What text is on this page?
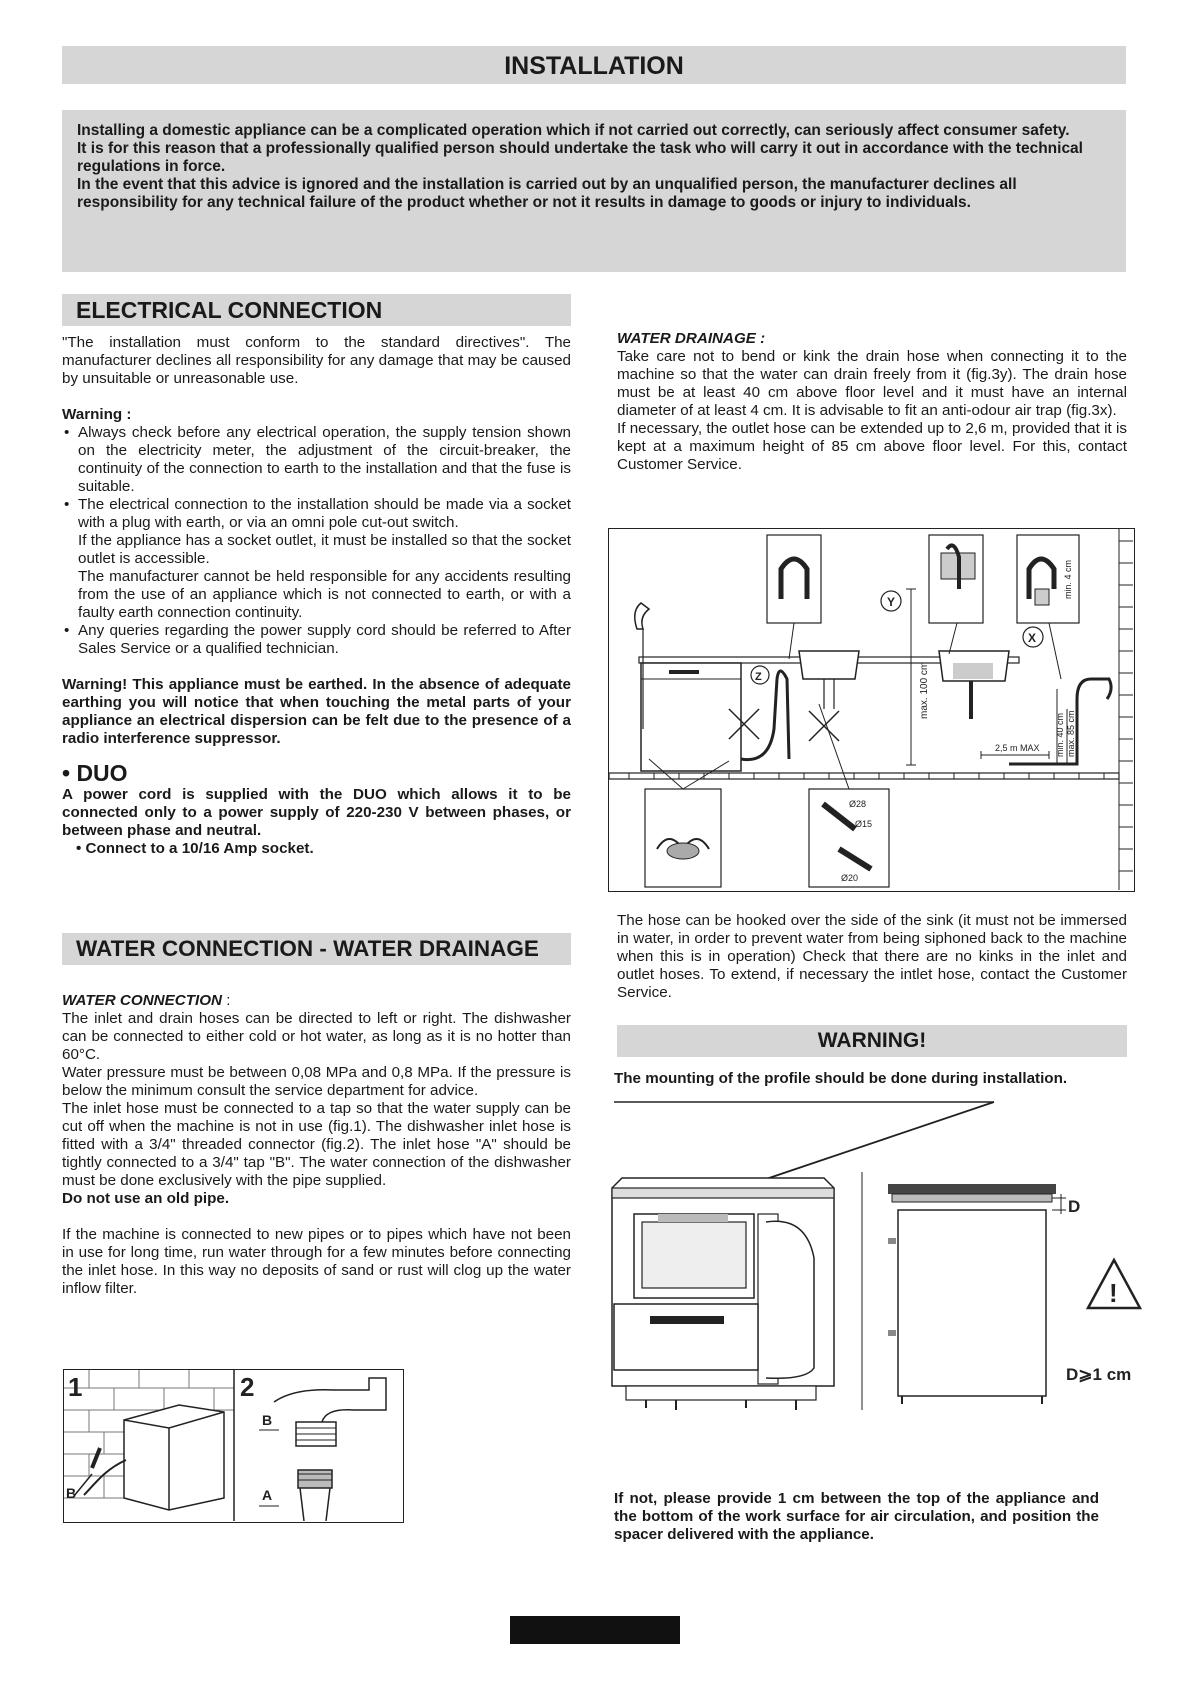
INSTALLATION

Installing a domestic appliance can be a complicated operation which if not carried out correctly, can seriously affect consumer safety.

It is for this reason that a professionally qualified person should undertake the task who will carry it out in accordance with the technical regulations in force.

In the event that this advice is ignored and the installation is carried out by an unqualified person, the manufacturer declines all responsibility for any technical failure of the product whether or not it results in damage to goods or injury to individuals.

ELECTRICAL CONNECTION

"The installation must conform to the standard directives". The manufacturer declines all responsibility for any damage that may be caused by unsuitable or unreasonable use.

Warning :

• Always check before any electrical operation, the supply tension shown on the electricity meter, the adjustment of the circuit-breaker, the continuity of the connection to earth to the installation and that the fuse is suitable.
• The electrical connection to the installation should be made via a socket with a plug with earth, or via an omni pole cut-out switch.
If the appliance has a socket outlet, it must be installed so that the socket outlet is accessible.
The manufacturer cannot be held responsible for any accidents resulting from the use of an appliance which is not connected to earth, or with a faulty earth connection continuity.
• Any queries regarding the power supply cord should be referred to After Sales Service or a qualified technician.

Warning! This appliance must be earthed. In the absence of adequate earthing you will notice that when touching the metal parts of your appliance an electrical dispersion can be felt due to the presence of a radio interference suppressor.

• DUO

A power cord is supplied with the DUO which allows it to be connected only to a power supply of 220-230 V between phases, or between phase and neutral.

• Connect to a 10/16 Amp socket.

WATER CONNECTION - WATER DRAINAGE

WATER CONNECTION :

The inlet and drain hoses can be directed to left or right. The dishwasher can be connected to either cold or hot water, as long as it is no hotter than 60°C.

Water pressure must be between 0,08 MPa and 0,8 MPa. If the pressure is below the minimum consult the service department for advice.

The inlet hose must be connected to a tap so that the water supply can be cut off when the machine is not in use (fig.1). The dishwasher inlet hose is fitted with a 3/4" threaded connector (fig.2). The inlet hose "A" should be tightly connected to a 3/4" tap "B". The water connection of the dishwasher must be done exclusively with the pipe supplied.

Do not use an old pipe.

If the machine is connected to new pipes or to pipes which have not been in use for long time, run water through for a few minutes before connecting the inlet hose. In this way no deposits of sand or rust will clog up the water inflow filter.

1	2
B
B
A

WATER DRAINAGE :

Take care not to bend or kink the drain hose when connecting it to the machine so that the water can drain freely from it (fig.3y). The drain hose must be at least 40 cm above floor level and it must have an internal diameter of at least 4 cm. It is advisable to fit an anti-odour air trap (fig.3x).

If necessary, the outlet hose can be extended up to 2,6 m, provided that it is kept at a maximum height of 85 cm above floor level. For this, contact Customer Service.

Z	max. 100 cm
Y
X
min. 40 cm max. 85 cm
2,5 m MAX
min. 4 cm
Ø28
Ø15
Ø20
The hose can be hooked over the side of the sink (it must not be immersed in water, in order to prevent water from being siphoned back to the machine when this is in operation) Check that there are no kinks in the inlet and outlet hoses. To extend, if necessary the intlet hose, contact the Customer Service.
WARNING!
The mounting of the profile should be done during installation.
D
!
D⩾1 cm
If not, please provide 1 cm between the top of the appliance and the bottom of the work surface for air circulation, and position the spacer delivered with the appliance.
